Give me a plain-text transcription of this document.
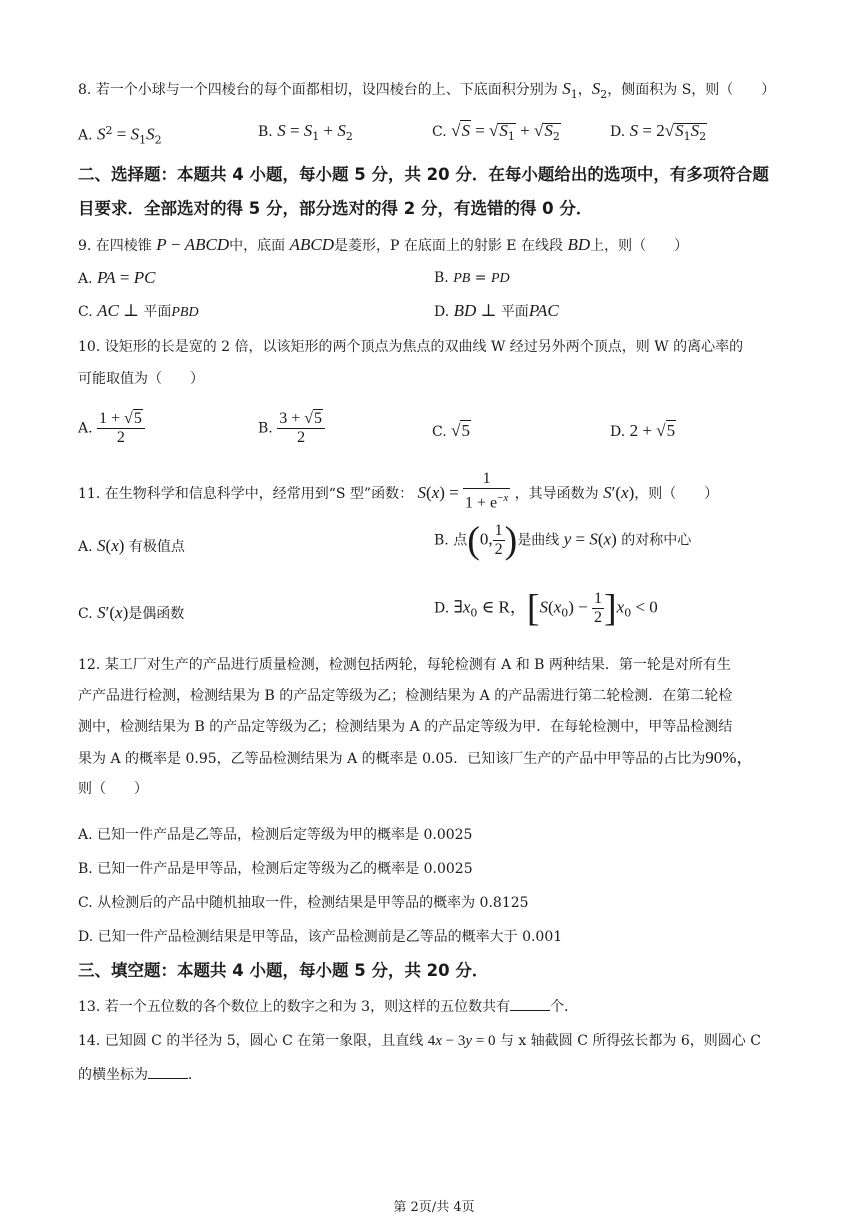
8. 若一个小球与一个四棱台的每个面都相切，设四棱台的上、下底面积分别为 $S_1$，$S_2$，侧面积为 S，则（　　）
A. $S^2 = S_1S_2$	B. $S = S_1 + S_2$	C. $√S = √S_1 + √S_2$	D. $S = 2√S_1S_2$
二、选择题：本题共 4 小题，每小题 5 分，共 20 分．在每小题给出的选项中，有多项符合题
目要求．全部选对的得 5 分，部分选对的得 2 分，有选错的得 0 分．
9. 在四棱锥 P − ABCD中，底面 ABCD是菱形，P 在底面上的射影 E 在线段 BD上，则（　　）
A. PA = PC	B. PB = PD
C. AC ⊥ 平面PBD	D. BD ⊥ 平面PAC
10. 设矩形的长是宽的 2 倍，以该矩形的两个顶点为焦点的双曲线 W 经过另外两个顶点，则 W 的离心率的
可能取值为（　　）
A. $\frac{1 + √5}{2}$	B. $\frac{3 + √5}{2}$	C. √5	D. 2 + √5
11. 在生物科学和信息科学中，经常用到“S 型”函数： $S(x) = \frac{1}{1 + e^{-x}}$ ，其导函数为 S′(x)，则（　　）
A. S(x) 有极值点	B. 点(0, $\frac{1}{2}$ )是曲线 y = S(x) 的对称中心
C. S′(x)是偶函数	D. $\exists x_0$ ∈ R，$[S(x_0) - \frac{1}{2} ]x_0 < 0$
12. 某工厂对生产的产品进行质量检测，检测包括两轮，每轮检测有 A 和 B 两种结果．第一轮是对所有生
产产品进行检测，检测结果为 B 的产品定等级为乙；检测结果为 A 的产品需进行第二轮检测．在第二轮检
测中，检测结果为 B 的产品定等级为乙；检测结果为 A 的产品定等级为甲．在每轮检测中，甲等品检测结
果为 A 的概率是 0.95，乙等品检测结果为 A 的概率是 0.05．已知该厂生产的产品中甲等品的占比为90%，
则（　　）
A. 已知一件产品是乙等品，检测后定等级为甲的概率是 0.0025
B. 已知一件产品是甲等品，检测后定等级为乙的概率是 0.0025
C. 从检测后的产品中随机抽取一件，检测结果是甲等品的概率为 0.8125
D. 已知一件产品检测结果是甲等品，该产品检测前是乙等品的概率大于 0.001
三、填空题：本题共 4 小题，每小题 5 分，共 20 分．
13. 若一个五位数的各个数位上的数字之和为 3，则这样的五位数共有	个．
14. 已知圆 C 的半径为 5，圆心 C 在第一象限，且直线 4x − 3y = 0 与 x 轴截圆 C 所得弦长都为 6，则圆心 C
的横坐标为	．
第 2页/共 4页
